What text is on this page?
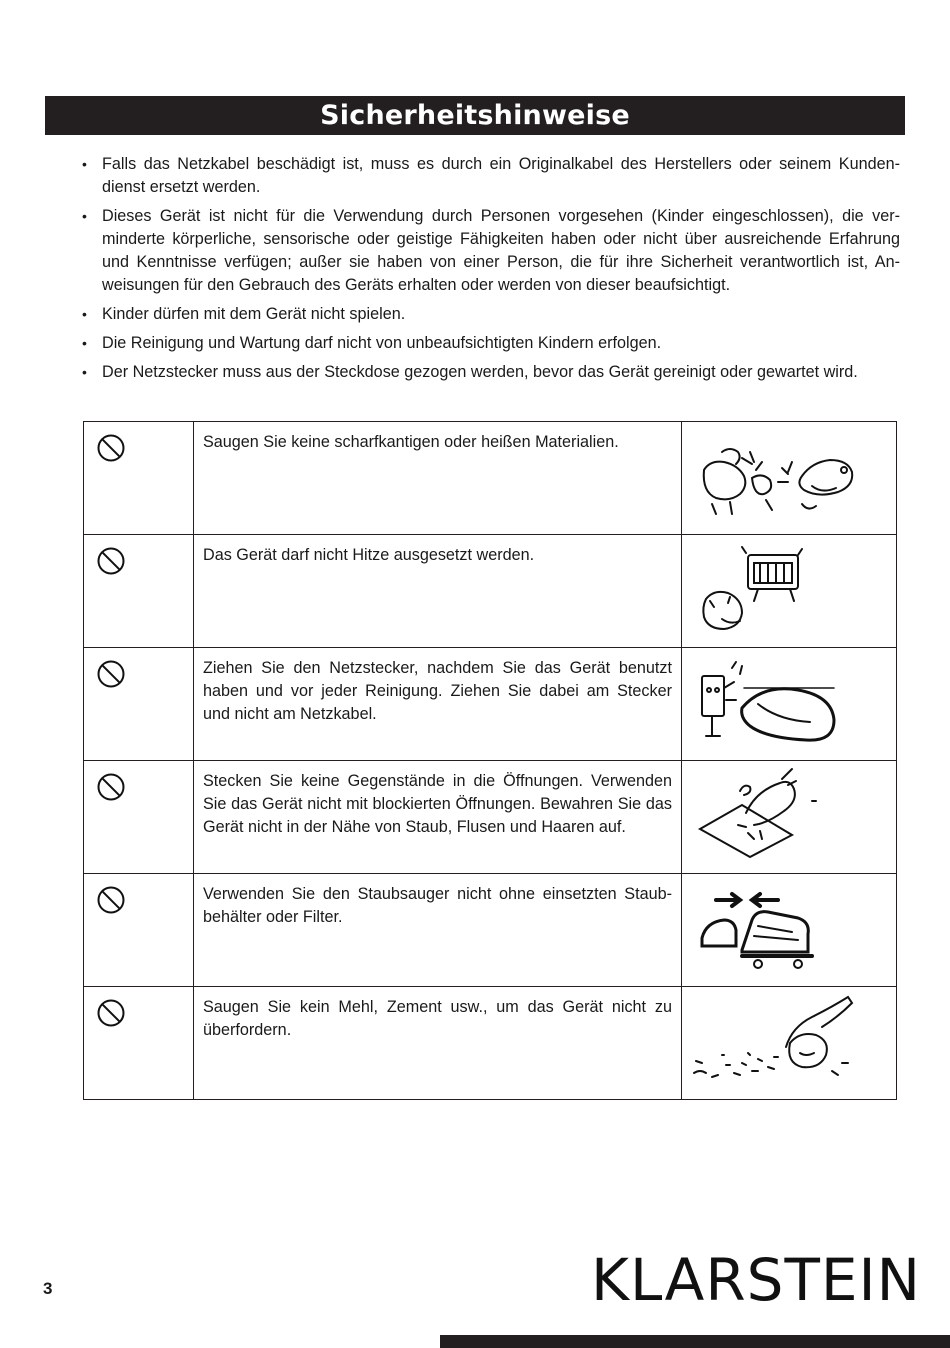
Sicherheitshinweise
• Falls das Netzkabel beschädigt ist, muss es durch ein Originalkabel des Herstellers oder seinem Kunden-dienst ersetzt werden.
• Dieses Gerät ist nicht für die Verwendung durch Personen vorgesehen (Kinder eingeschlossen), die ver-minderte körperliche, sensorische oder geistige Fähigkeiten haben oder nicht über ausreichende Erfahrung und Kenntnisse verfügen; außer sie haben von einer Person, die für ihre Sicherheit verantwortlich ist, An-weisungen für den Gebrauch des Geräts erhalten oder werden von dieser beaufsichtigt.
• Kinder dürfen mit dem Gerät nicht spielen.
• Die Reinigung und Wartung darf nicht von unbeaufsichtigten Kindern erfolgen.
• Der Netzstecker muss aus der Steckdose gezogen werden, bevor das Gerät gereinigt oder gewartet wird.

Saugen Sie keine scharfkantigen oder heißen Materialien.

Das Gerät darf nicht Hitze ausgesetzt werden.

Ziehen Sie den Netzstecker, nachdem Sie das Gerät benutzt haben und vor jeder Reinigung. Ziehen Sie dabei am Stecker und nicht am Netzkabel.

Stecken Sie keine Gegenstände in die Öffnungen. Verwenden Sie das Gerät nicht mit blockierten Öffnungen. Bewahren Sie das Gerät nicht in der Nähe von Staub, Flusen und Haaren auf.

Verwenden Sie den Staubsauger nicht ohne einsetzten Staub-behälter oder Filter.

Saugen Sie kein Mehl, Zement usw., um das Gerät nicht zu überfordern.

3	KLARSTEIN
